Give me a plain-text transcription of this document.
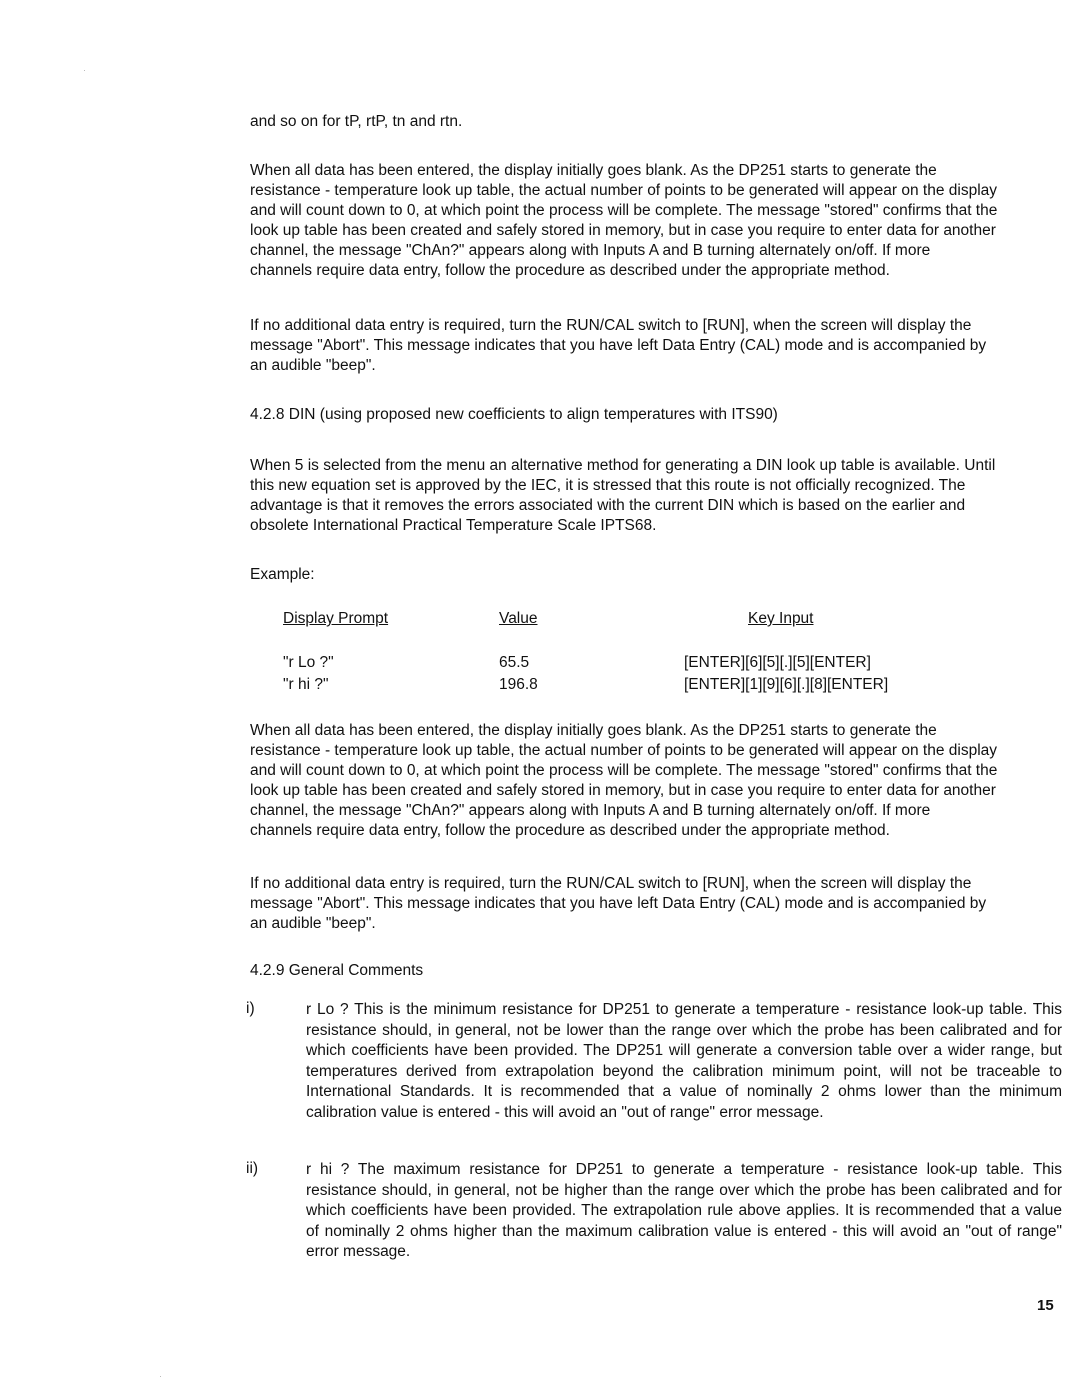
and so on for tP, rtP, tn and rtn.
When all data has been entered, the display initially goes blank. As the DP251 starts to generate the
resistance - temperature look up table, the actual number of points to be generated will appear on the display
and will count down to 0, at which point the process will be complete. The message "stored" confirms that the
look up table has been created and safely stored in memory, but in case you require to enter data for another
channel, the message "ChAn?" appears along with Inputs A and B turning alternately on/off. If more
channels require data entry, follow the procedure as described under the appropriate method.
If no additional data entry is required, turn the RUN/CAL switch to [RUN], when the screen will display the
message "Abort". This message indicates that you have left Data Entry (CAL) mode and is accompanied by
an audible "beep".
4.2.8 DIN (using proposed new coefficients to align temperatures with ITS90)
When 5 is selected from the menu an alternative method for generating a DIN look up table is available. Until
this new equation set is approved by the IEC, it is stressed that this route is not officially recognized. The
advantage is that it removes the errors associated with the current DIN which is based on the earlier and
obsolete International Practical Temperature Scale IPTS68.
Example:
Display Prompt	Value	Key Input
"r Lo ?"	65.5	[ENTER][6][5][.][5][ENTER]
"r hi ?"	196.8	[ENTER][1][9][6][.][8][ENTER]
When all data has been entered, the display initially goes blank. As the DP251 starts to generate the
resistance - temperature look up table, the actual number of points to be generated will appear on the display
and will count down to 0, at which point the process will be complete. The message "stored" confirms that the
look up table has been created and safely stored in memory, but in case you require to enter data for another
channel, the message "ChAn?" appears along with Inputs A and B turning alternately on/off. If more
channels require data entry, follow the procedure as described under the appropriate method.
If no additional data entry is required, turn the RUN/CAL switch to [RUN], when the screen will display the
message "Abort". This message indicates that you have left Data Entry (CAL) mode and is accompanied by
an audible "beep".
4.2.9 General Comments
i)	r Lo ? This is the minimum resistance for DP251 to generate a temperature - resistance look-up table. This resistance should, in general, not be lower than the range over which the probe has been calibrated and for which coefficients have been provided. The DP251 will generate a conversion table over a wider range, but temperatures derived from extrapolation beyond the calibration minimum point, will not be traceable to International Standards. It is recommended that a value of nominally 2 ohms lower than the minimum calibration value is entered - this will avoid an "out of range" error message.
ii)	r hi ? The maximum resistance for DP251 to generate a temperature - resistance look-up table. This resistance should, in general, not be higher than the range over which the probe has been calibrated and for which coefficients have been provided. The extrapolation rule above applies. It is recommended that a value of nominally 2 ohms higher than the maximum calibration value is entered - this will avoid an "out of range" error message.
15
